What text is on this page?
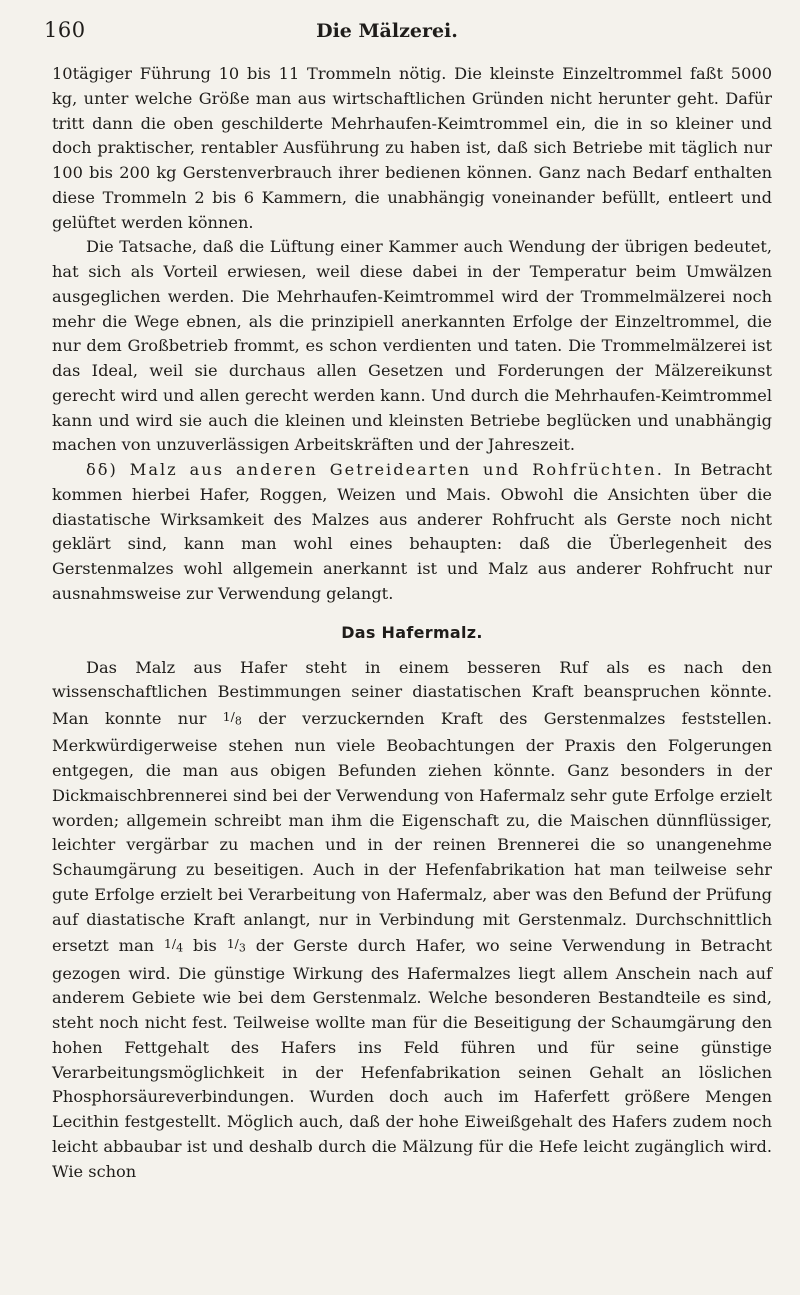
160	Die Mälzerei.

10tägiger Führung 10 bis 11 Trommeln nötig. Die kleinste Einzeltrommel faßt 5000 kg, unter welche Größe man aus wirtschaftlichen Gründen nicht herunter geht. Dafür tritt dann die oben geschilderte Mehrhaufen-Keimtrommel ein, die in so kleiner und doch praktischer, rentabler Ausführung zu haben ist, daß sich Betriebe mit täglich nur 100 bis 200 kg Gerstenverbrauch ihrer bedienen können. Ganz nach Bedarf enthalten diese Trommeln 2 bis 6 Kammern, die unabhängig voneinander befüllt, entleert und gelüftet werden können.

Die Tatsache, daß die Lüftung einer Kammer auch Wendung der übrigen bedeutet, hat sich als Vorteil erwiesen, weil diese dabei in der Temperatur beim Umwälzen ausgeglichen werden. Die Mehrhaufen-Keimtrommel wird der Trommelmälzerei noch mehr die Wege ebnen, als die prinzipiell anerkannten Erfolge der Einzeltrommel, die nur dem Großbetrieb frommt, es schon verdienten und taten. Die Trommelmälzerei ist das Ideal, weil sie durchaus allen Gesetzen und Forderungen der Mälzereikunst gerecht wird und allen gerecht werden kann. Und durch die Mehrhaufen-Keimtrommel kann und wird sie auch die kleinen und kleinsten Betriebe beglücken und unabhängig machen von unzuverlässigen Arbeitskräften und der Jahreszeit.

δδ) Malz aus anderen Getreidearten und Rohfrüchten. In Betracht kommen hierbei Hafer, Roggen, Weizen und Mais. Obwohl die Ansichten über die diastatische Wirksamkeit des Malzes aus anderer Rohfrucht als Gerste noch nicht geklärt sind, kann man wohl eines behaupten: daß die Überlegenheit des Gerstenmalzes wohl allgemein anerkannt ist und Malz aus anderer Rohfrucht nur ausnahmsweise zur Verwendung gelangt.

Das Hafermalz.

Das Malz aus Hafer steht in einem besseren Ruf als es nach den wissenschaftlichen Bestimmungen seiner diastatischen Kraft beanspruchen könnte. Man konnte nur $1/_8$ der verzuckernden Kraft des Gerstenmalzes feststellen. Merkwürdigerweise stehen nun viele Beobachtungen der Praxis den Folgerungen entgegen, die man aus obigen Befunden ziehen könnte. Ganz besonders in der Dickmaischbrennerei sind bei der Verwendung von Hafermalz sehr gute Erfolge erzielt worden; allgemein schreibt man ihm die Eigenschaft zu, die Maischen dünnflüssiger, leichter vergärbar zu machen und in der reinen Brennerei die so unangenehme Schaumgärung zu beseitigen. Auch in der Hefenfabrikation hat man teilweise sehr gute Erfolge erzielt bei Verarbeitung von Hafermalz, aber was den Befund der Prüfung auf diastatische Kraft anlangt, nur in Verbindung mit Gerstenmalz. Durchschnittlich ersetzt man $1/_4$ bis $1/_3$ der Gerste durch Hafer, wo seine Verwendung in Betracht gezogen wird. Die günstige Wirkung des Hafermalzes liegt allem Anschein nach auf anderem Gebiete wie bei dem Gerstenmalz. Welche besonderen Bestandteile es sind, steht noch nicht fest. Teilweise wollte man für die Beseitigung der Schaumgärung den hohen Fettgehalt des Hafers ins Feld führen und für seine günstige Verarbeitungsmöglichkeit in der Hefenfabrikation seinen Gehalt an löslichen Phosphorsäureverbindungen. Wurden doch auch im Haferfett größere Mengen Lecithin festgestellt. Möglich auch, daß der hohe Eiweißgehalt des Hafers zudem noch leicht abbaubar ist und deshalb durch die Mälzung für die Hefe leicht zugänglich wird. Wie schon
